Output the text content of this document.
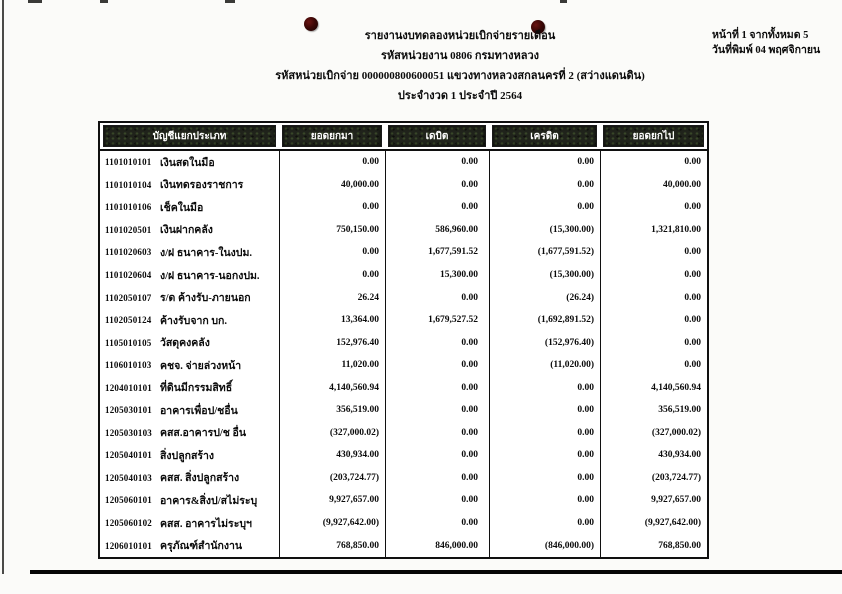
หน้าที่ 1 จากทั้งหมด 5
วันที่พิมพ์ 04 พฤศจิกายน
รายงานงบทดลองหน่วยเบิกจ่ายรายเดือน
รหัสหน่วยงาน 0806 กรมทางหลวง
รหัสหน่วยเบิกจ่าย 000000800600051 แขวงทางหลวงสกลนครที่ 2 (สว่างแดนดิน)
ประจำงวด 1 ประจำปี 2564
บัญชีแยกประเภท	ยอดยกมา	เดบิต	เครดิต	ยอดยกไป
1101010101 เงินสดในมือ	0.00	0.00	0.00	0.00
1101010104 เงินทดรองราชการ	40,000.00	0.00	0.00	40,000.00
1101010106 เช็คในมือ	0.00	0.00	0.00	0.00
1101020501 เงินฝากคลัง	750,150.00	586,960.00	(15,300.00)	1,321,810.00
1101020603 ง/ฝ ธนาคาร-ในงปม.	0.00	1,677,591.52	(1,677,591.52)	0.00
1101020604 ง/ฝ ธนาคาร-นอกงปม.	0.00	15,300.00	(15,300.00)	0.00
1102050107 ร/ด ค้างรับ-ภายนอก	26.24	0.00	(26.24)	0.00
1102050124 ค้างรับจาก บก.	13,364.00	1,679,527.52	(1,692,891.52)	0.00
1105010105 วัสดุคงคลัง	152,976.40	0.00	(152,976.40)	0.00
1106010103 คชจ. จ่ายล่วงหน้า	11,020.00	0.00	(11,020.00)	0.00
1204010101 ที่ดินมีกรรมสิทธิ์	4,140,560.94	0.00	0.00	4,140,560.94
1205030101 อาคารเพื่อป/ชอื่น	356,519.00	0.00	0.00	356,519.00
1205030103 คสส.อาคารป/ช อื่น	(327,000.02)	0.00	0.00	(327,000.02)
1205040101 สิ่งปลูกสร้าง	430,934.00	0.00	0.00	430,934.00
1205040103 คสส. สิ่งปลูกสร้าง	(203,724.77)	0.00	0.00	(203,724.77)
1205060101 อาคาร&สิ่งป/สไม่ระบุ	9,927,657.00	0.00	0.00	9,927,657.00
1205060102 คสส. อาคารไม่ระบุฯ	(9,927,642.00)	0.00	0.00	(9,927,642.00)
1206010101 ครุภัณฑ์สำนักงาน	768,850.00	846,000.00	(846,000.00)	768,850.00
